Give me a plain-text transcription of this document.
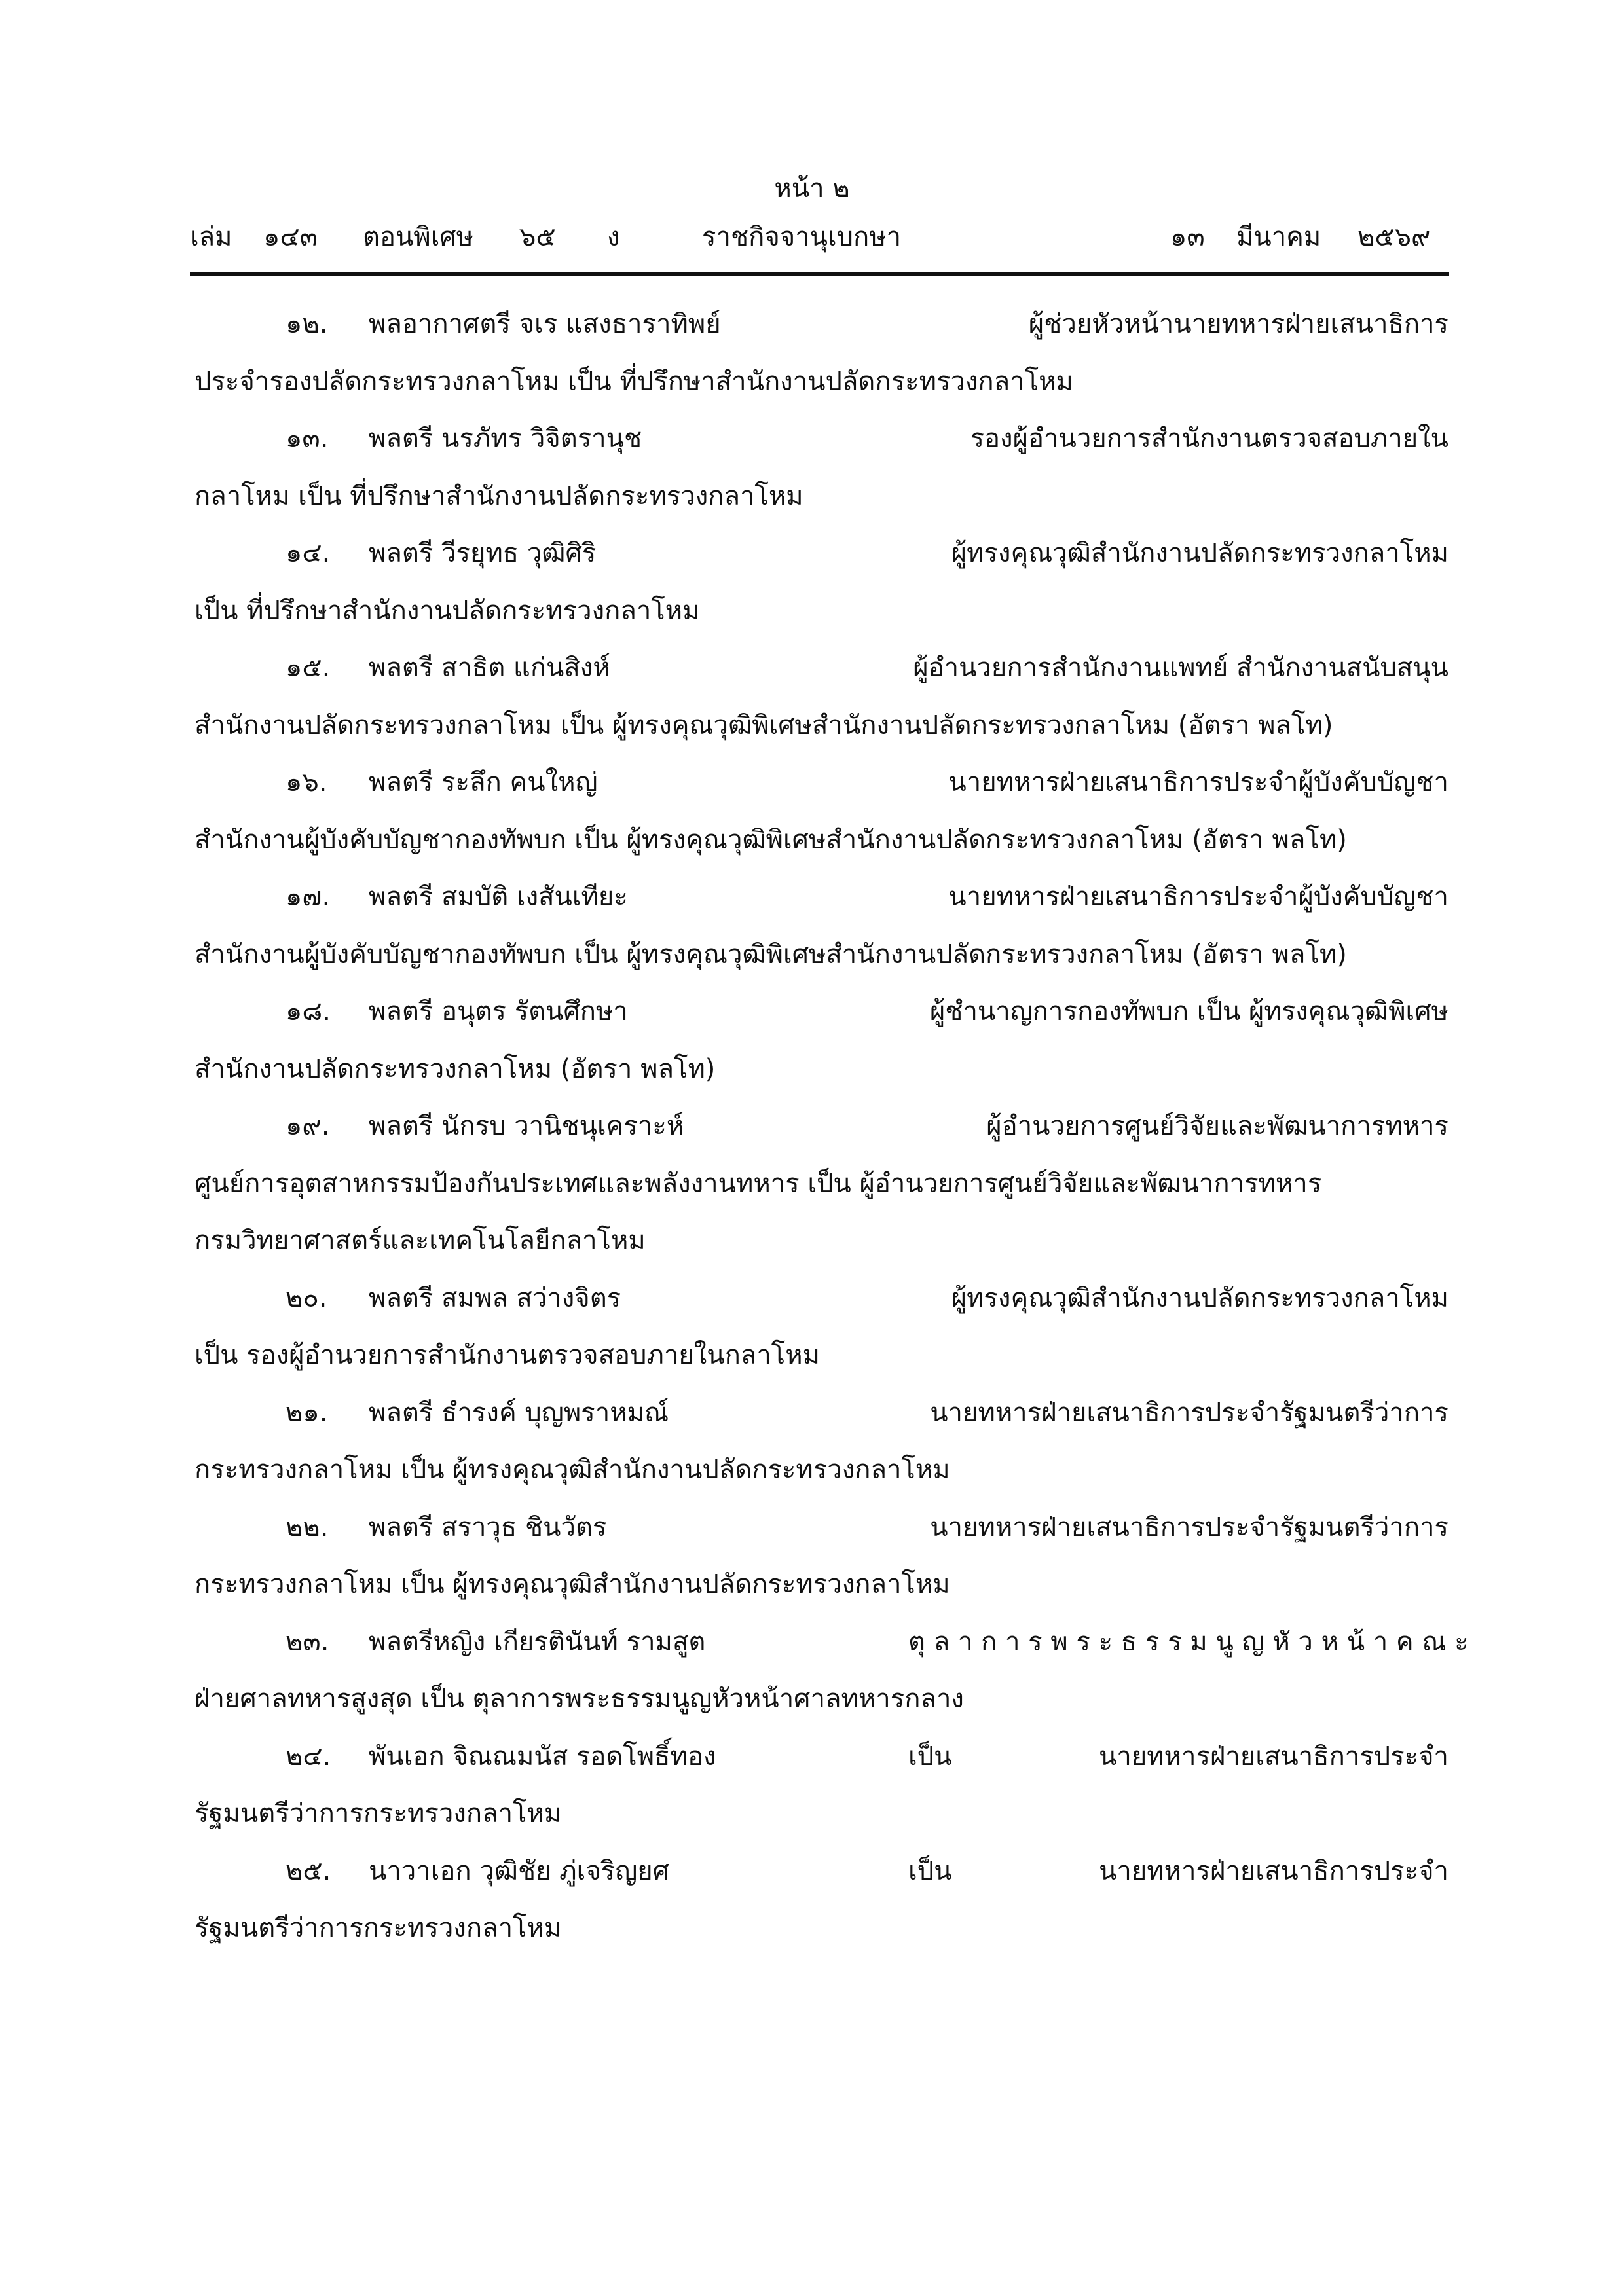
หน้า ๒
เล่ม ๑๔๓ ตอนพิเศษ ๖๕ ง	ราชกิจจานุเบกษา	๑๓ มีนาคม ๒๕๖๙
๑๒. พลอากาศตรี จเร แสงธาราทิพย์	ผู้ช่วยหัวหน้านายทหารฝ่ายเสนาธิการ
ประจำรองปลัดกระทรวงกลาโหม เป็น ที่ปรึกษาสำนักงานปลัดกระทรวงกลาโหม
๑๓. พลตรี นรภัทร วิจิตรานุช	รองผู้อำนวยการสำนักงานตรวจสอบภายใน
กลาโหม เป็น ที่ปรึกษาสำนักงานปลัดกระทรวงกลาโหม
๑๔. พลตรี วีรยุทธ วุฒิศิริ	ผู้ทรงคุณวุฒิสำนักงานปลัดกระทรวงกลาโหม
เป็น ที่ปรึกษาสำนักงานปลัดกระทรวงกลาโหม
๑๕. พลตรี สาธิต แก่นสิงห์	ผู้อำนวยการสำนักงานแพทย์ สำนักงานสนับสนุน
สำนักงานปลัดกระทรวงกลาโหม เป็น ผู้ทรงคุณวุฒิพิเศษสำนักงานปลัดกระทรวงกลาโหม (อัตรา พลโท)
๑๖. พลตรี ระลึก คนใหญ่	นายทหารฝ่ายเสนาธิการประจำผู้บังคับบัญชา
สำนักงานผู้บังคับบัญชากองทัพบก เป็น ผู้ทรงคุณวุฒิพิเศษสำนักงานปลัดกระทรวงกลาโหม (อัตรา พลโท)
๑๗. พลตรี สมบัติ เงสันเทียะ	นายทหารฝ่ายเสนาธิการประจำผู้บังคับบัญชา
สำนักงานผู้บังคับบัญชากองทัพบก เป็น ผู้ทรงคุณวุฒิพิเศษสำนักงานปลัดกระทรวงกลาโหม (อัตรา พลโท)
๑๘. พลตรี อนุตร รัตนศึกษา	ผู้ชำนาญการกองทัพบก เป็น ผู้ทรงคุณวุฒิพิเศษ
สำนักงานปลัดกระทรวงกลาโหม (อัตรา พลโท)
๑๙. พลตรี นักรบ วานิชนุเคราะห์	ผู้อำนวยการศูนย์วิจัยและพัฒนาการทหาร
ศูนย์การอุตสาหกรรมป้องกันประเทศและพลังงานทหาร เป็น ผู้อำนวยการศูนย์วิจัยและพัฒนาการทหาร
กรมวิทยาศาสตร์และเทคโนโลยีกลาโหม
๒๐. พลตรี สมพล สว่างจิตร	ผู้ทรงคุณวุฒิสำนักงานปลัดกระทรวงกลาโหม
เป็น รองผู้อำนวยการสำนักงานตรวจสอบภายในกลาโหม
๒๑. พลตรี ธำรงค์ บุญพราหมณ์	นายทหารฝ่ายเสนาธิการประจำรัฐมนตรีว่าการ
กระทรวงกลาโหม เป็น ผู้ทรงคุณวุฒิสำนักงานปลัดกระทรวงกลาโหม
๒๒. พลตรี สราวุธ ชินวัตร	นายทหารฝ่ายเสนาธิการประจำรัฐมนตรีว่าการ
กระทรวงกลาโหม เป็น ผู้ทรงคุณวุฒิสำนักงานปลัดกระทรวงกลาโหม
๒๓. พลตรีหญิง เกียรตินันท์ รามสูต	ตุ ล า ก า ร พ ร ะ ธ ร ร ม นู ญ หั ว ห น้ า ค ณ ะ
ฝ่ายศาลทหารสูงสุด เป็น ตุลาการพระธรรมนูญหัวหน้าศาลทหารกลาง
๒๔. พันเอก จิณณมนัส รอดโพธิ์ทอง	เป็น นายทหารฝ่ายเสนาธิการประจำ
รัฐมนตรีว่าการกระทรวงกลาโหม
๒๕. นาวาเอก วุฒิชัย ภู่เจริญยศ	เป็น นายทหารฝ่ายเสนาธิการประจำ
รัฐมนตรีว่าการกระทรวงกลาโหม
